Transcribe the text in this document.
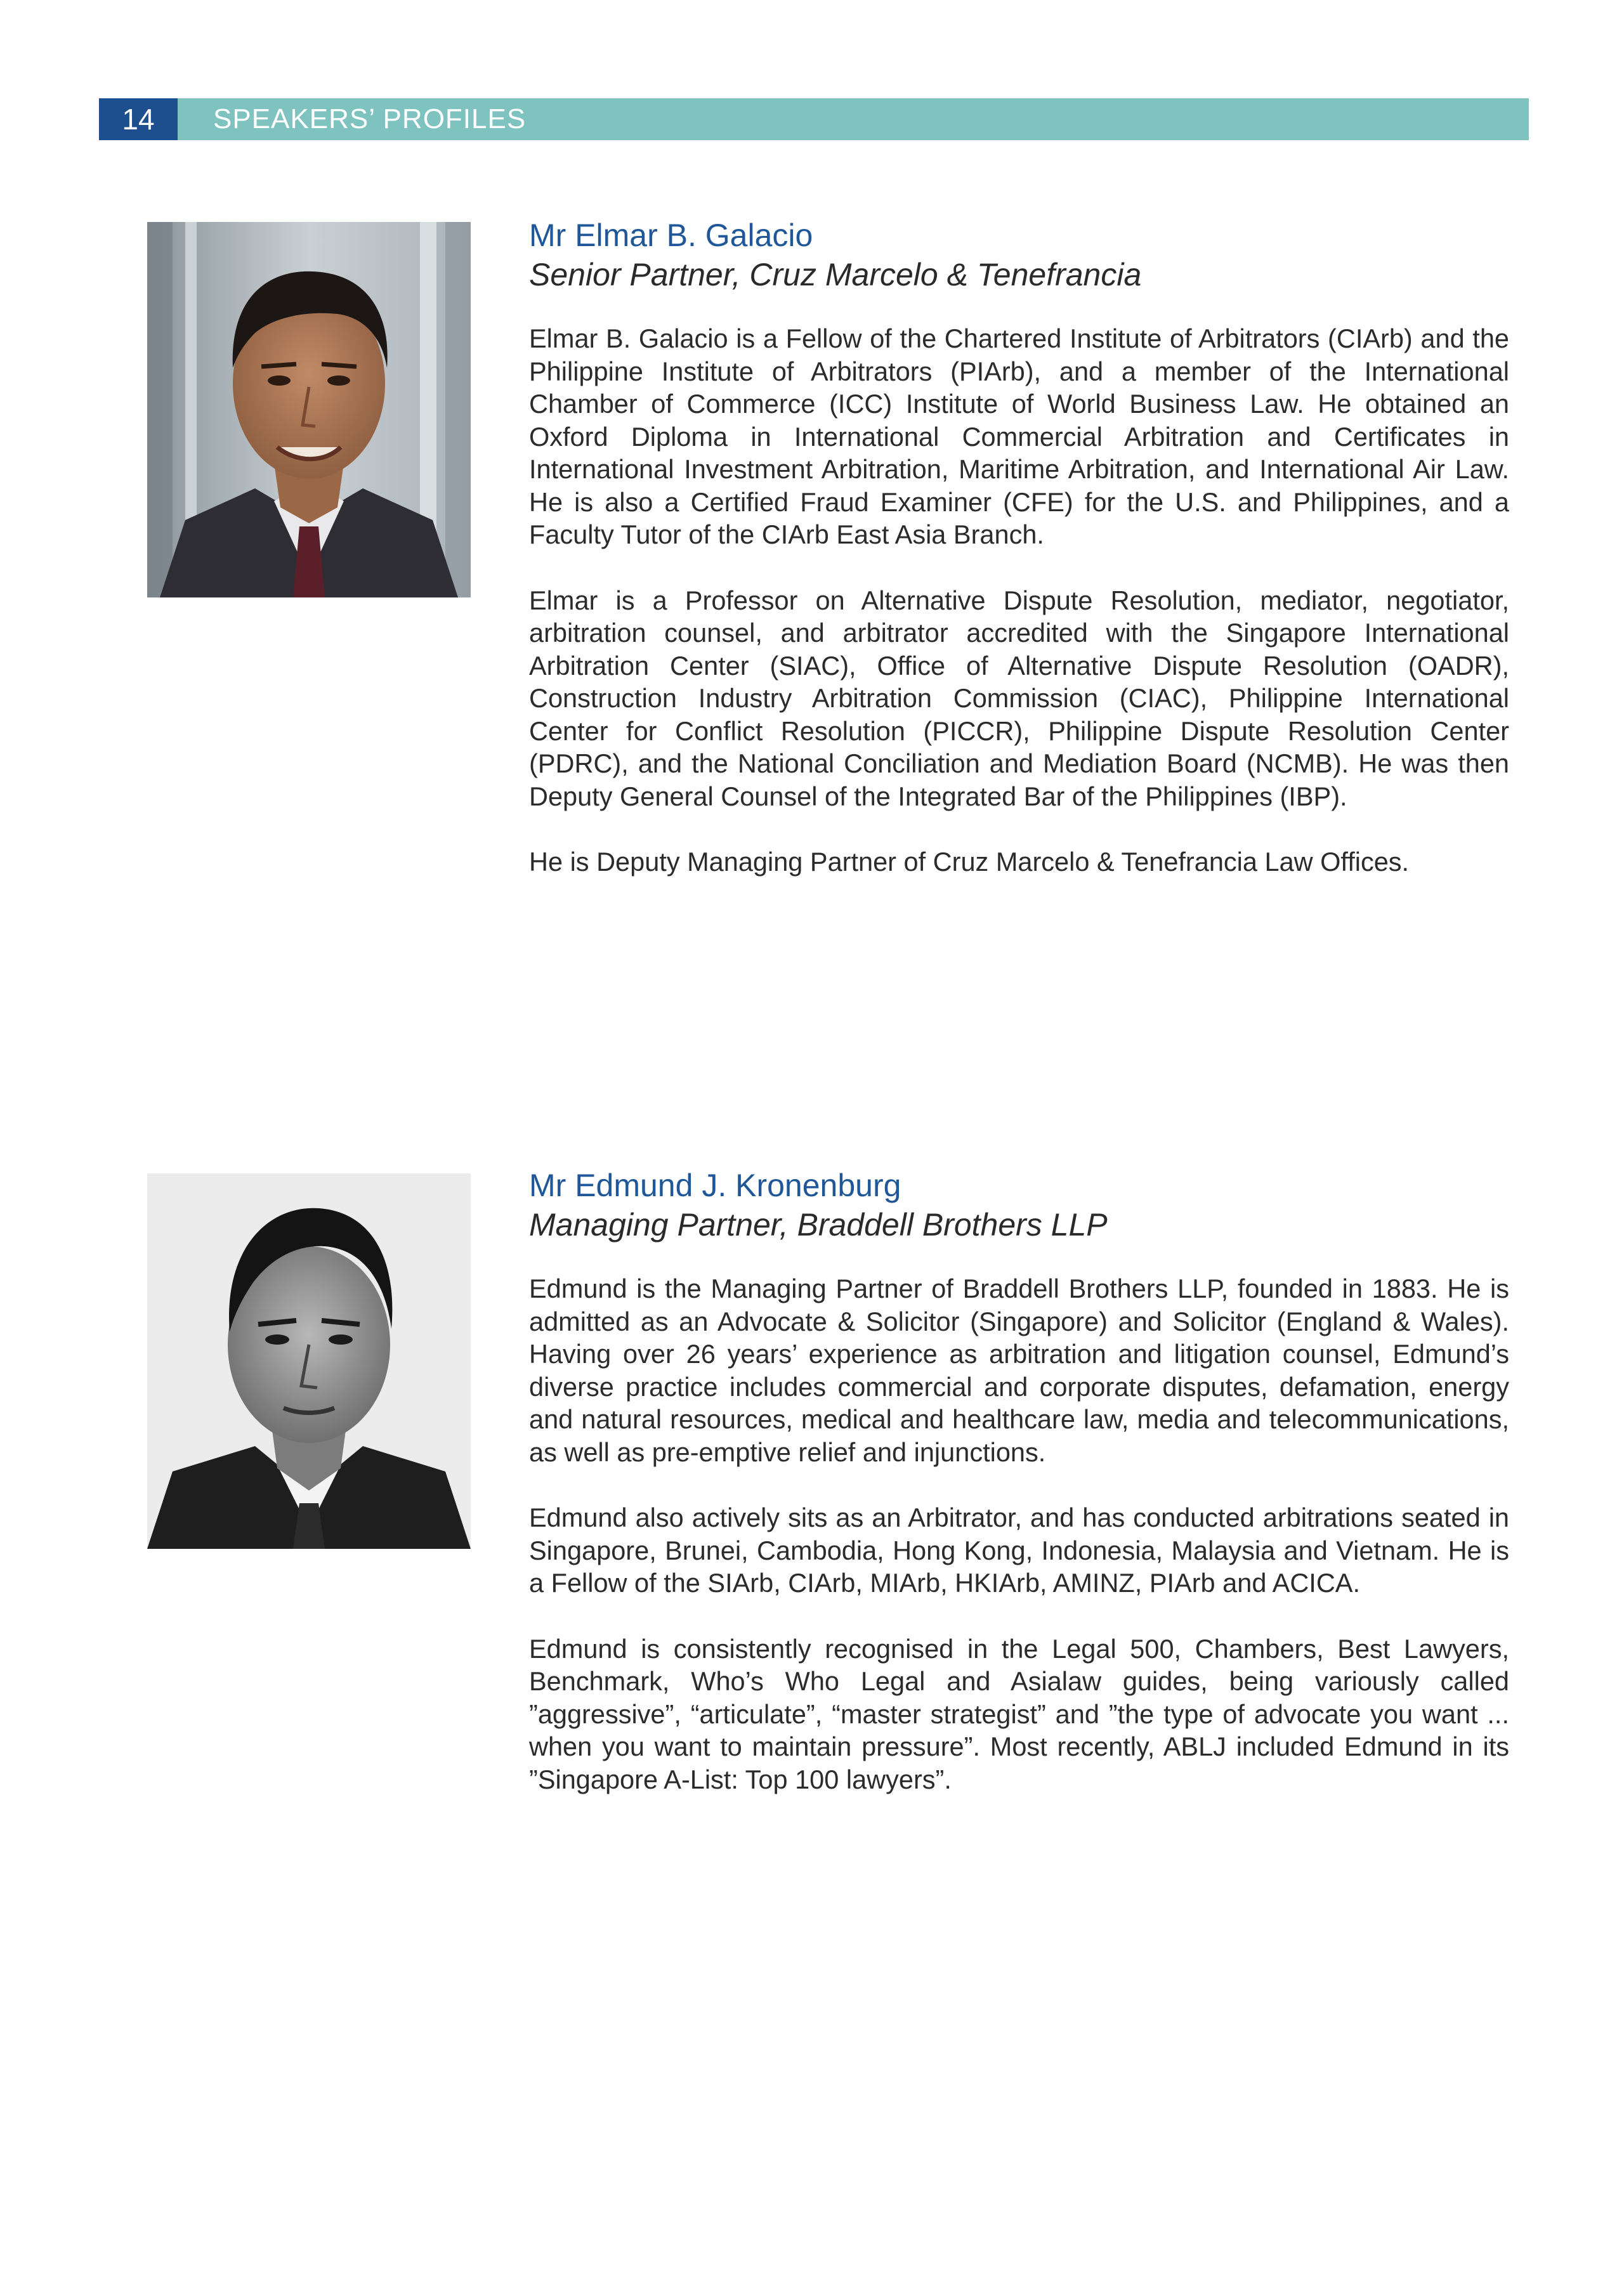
14	SPEAKERS’ PROFILES

Mr Elmar B. Galacio

Senior Partner, Cruz Marcelo & Tenefrancia

Elmar B. Galacio is a Fellow of the Chartered Institute of Arbitrators (CIArb) and the Philippine Institute of Arbitrators (PIArb), and a member of the International Chamber of Commerce (ICC) Institute of World Business Law. He obtained an Oxford Diploma in International Commercial Arbitration and Certificates in International Investment Arbitration, Maritime Arbitration, and International Air Law. He is also a Certified Fraud Examiner (CFE) for the U.S. and Philippines, and a Faculty Tutor of the CIArb East Asia Branch.

Elmar is a Professor on Alternative Dispute Resolution, mediator, negotiator, arbitration counsel, and arbitrator accredited with the Singapore International Arbitration Center (SIAC), Office of Alternative Dispute Resolution (OADR), Construction Industry Arbitration Commission (CIAC), Philippine International Center for Conflict Resolution (PICCR), Philippine Dispute Resolution Center (PDRC), and the National Conciliation and Mediation Board (NCMB). He was then Deputy General Counsel of the Integrated Bar of the Philippines (IBP).

He is Deputy Managing Partner of Cruz Marcelo & Tenefrancia Law Offices.

Mr Edmund J. Kronenburg

Managing Partner, Braddell Brothers LLP

Edmund is the Managing Partner of Braddell Brothers LLP, founded in 1883. He is admitted as an Advocate & Solicitor (Singapore) and Solicitor (England & Wales). Having over 26 years’ experience as arbitration and litigation counsel, Edmund’s diverse practice includes commercial and corporate disputes, defamation, energy and natural resources, medical and healthcare law, media and telecommunications, as well as pre-emptive relief and injunctions.

Edmund also actively sits as an Arbitrator, and has conducted arbitrations seated in Singapore, Brunei, Cambodia, Hong Kong, Indonesia, Malaysia and Vietnam. He is a Fellow of the SIArb, CIArb, MIArb, HKIArb, AMINZ, PIArb and ACICA.

Edmund is consistently recognised in the Legal 500, Chambers, Best Lawyers, Benchmark, Who’s Who Legal and Asialaw guides, being variously called ”aggressive”, “articulate”, “master strategist” and ”the type of advocate you want ... when you want to maintain pressure”. Most recently, ABLJ included Edmund in its ”Singapore A-List: Top 100 lawyers”.
